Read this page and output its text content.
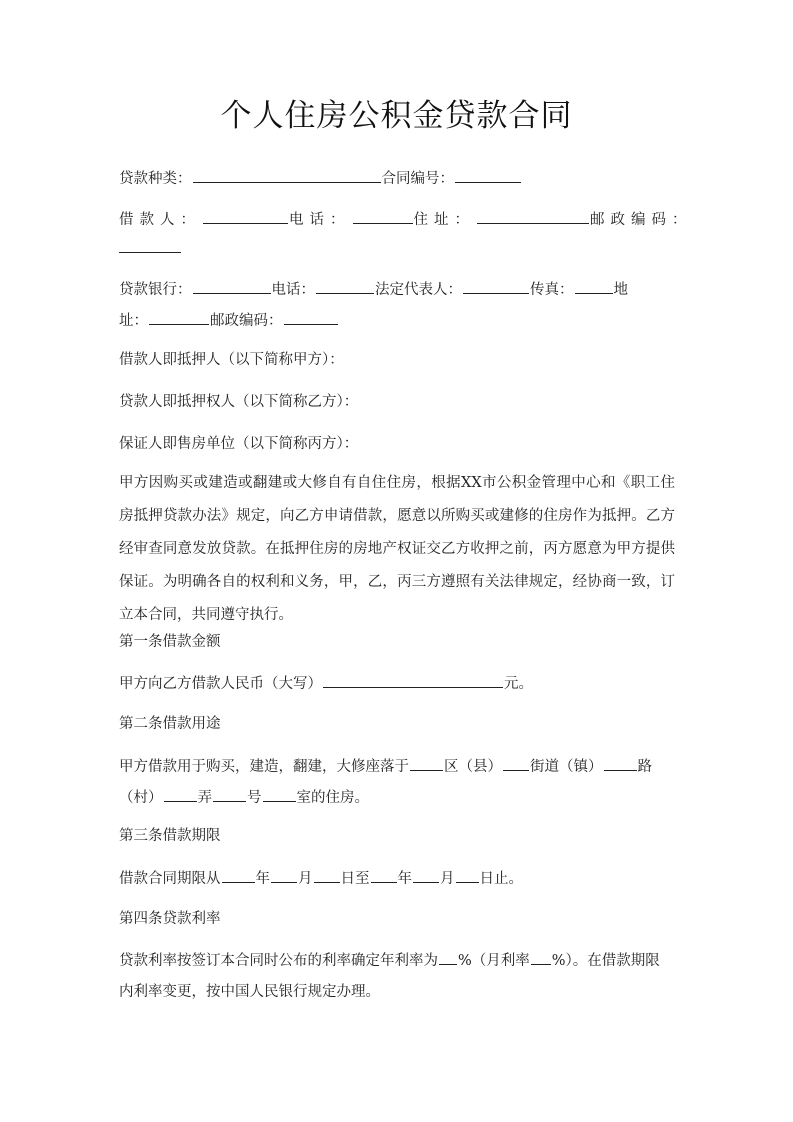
个人住房公积金贷款合同
贷款种类：	合同编号：
借款人：	电话：	住址：	邮政编码：
贷款银行：	电话：	法定代表人：	传真：	地
址：	邮政编码：
借款人即抵押人（以下简称甲方）：
贷款人即抵押权人（以下简称乙方）：
保证人即售房单位（以下简称丙方）：
甲方因购买或建造或翻建或大修自有自住住房，根据XX市公积金管理中心和《职工住房抵押贷款办法》规定，向乙方申请借款，愿意以所购买或建修的住房作为抵押。乙方经审查同意发放贷款。在抵押住房的房地产权证交乙方收押之前，丙方愿意为甲方提供保证。为明确各自的权利和义务，甲，乙，丙三方遵照有关法律规定，经协商一致，订立本合同，共同遵守执行。
第一条借款金额
甲方向乙方借款人民币（大写）	元。
第二条借款用途
甲方借款用于购买，建造，翻建，大修座落于 区（县） 街道（镇） 路
（村） 弄 号 室的住房。
第三条借款期限
借款合同期限从 年 月 日至 年 月 日止。
第四条贷款利率
贷款利率按签订本合同时公布的利率确定年利率为 %（月利率 %）。在借款期限
内利率变更，按中国人民银行规定办理。
